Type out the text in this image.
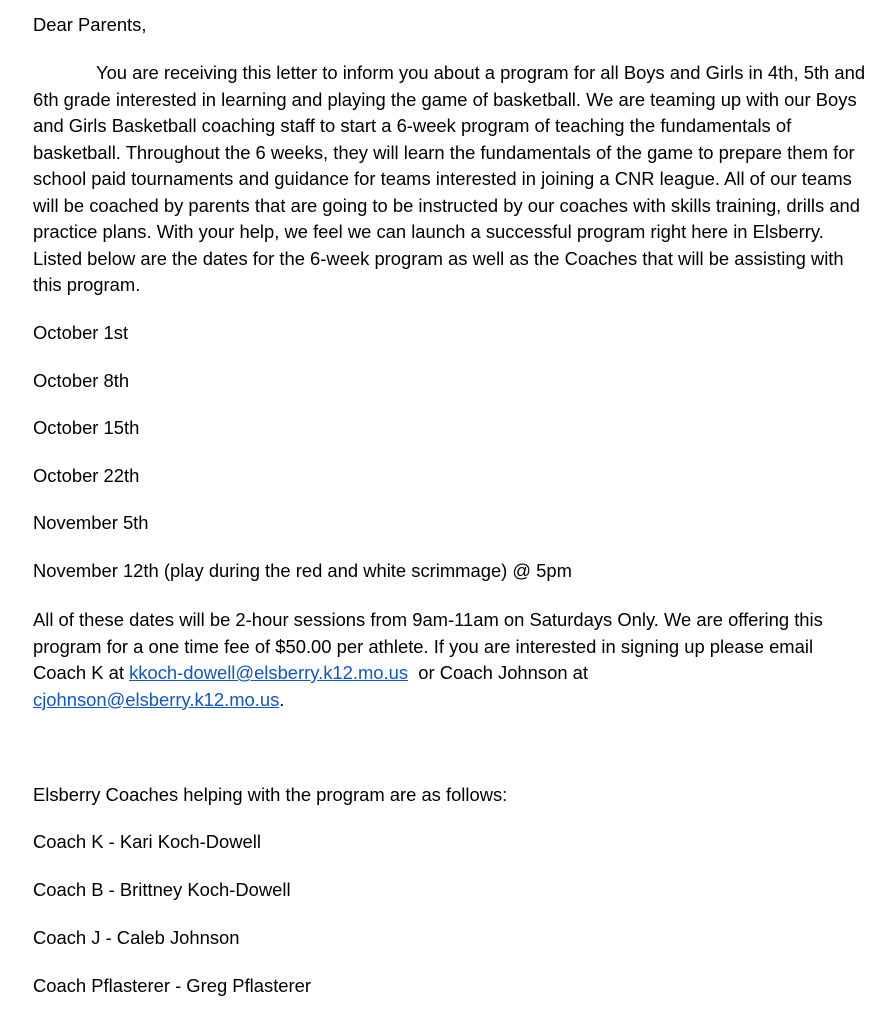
Dear Parents,
You are receiving this letter to inform you about a program for all Boys and Girls in 4th, 5th and 6th grade interested in learning and playing the game of basketball. We are teaming up with our Boys and Girls Basketball coaching staff to start a 6-week program of teaching the fundamentals of basketball. Throughout the 6 weeks, they will learn the fundamentals of the game to prepare them for school paid tournaments and guidance for teams interested in joining a CNR league. All of our teams will be coached by parents that are going to be instructed by our coaches with skills training, drills and practice plans. With your help, we feel we can launch a successful program right here in Elsberry. Listed below are the dates for the 6-week program as well as the Coaches that will be assisting with this program.
October 1st
October 8th
October 15th
October 22th
November 5th
November 12th (play during the red and white scrimmage) @ 5pm
All of these dates will be 2-hour sessions from 9am-11am on Saturdays Only. We are offering this program for a one time fee of $50.00 per athlete. If you are interested in signing up please email Coach K at kkoch-dowell@elsberry.k12.mo.us  or Coach Johnson at
cjohnson@elsberry.k12.mo.us.
Elsberry Coaches helping with the program are as follows:
Coach K - Kari Koch-Dowell
Coach B - Brittney Koch-Dowell
Coach J - Caleb Johnson
Coach Pflasterer - Greg Pflasterer
